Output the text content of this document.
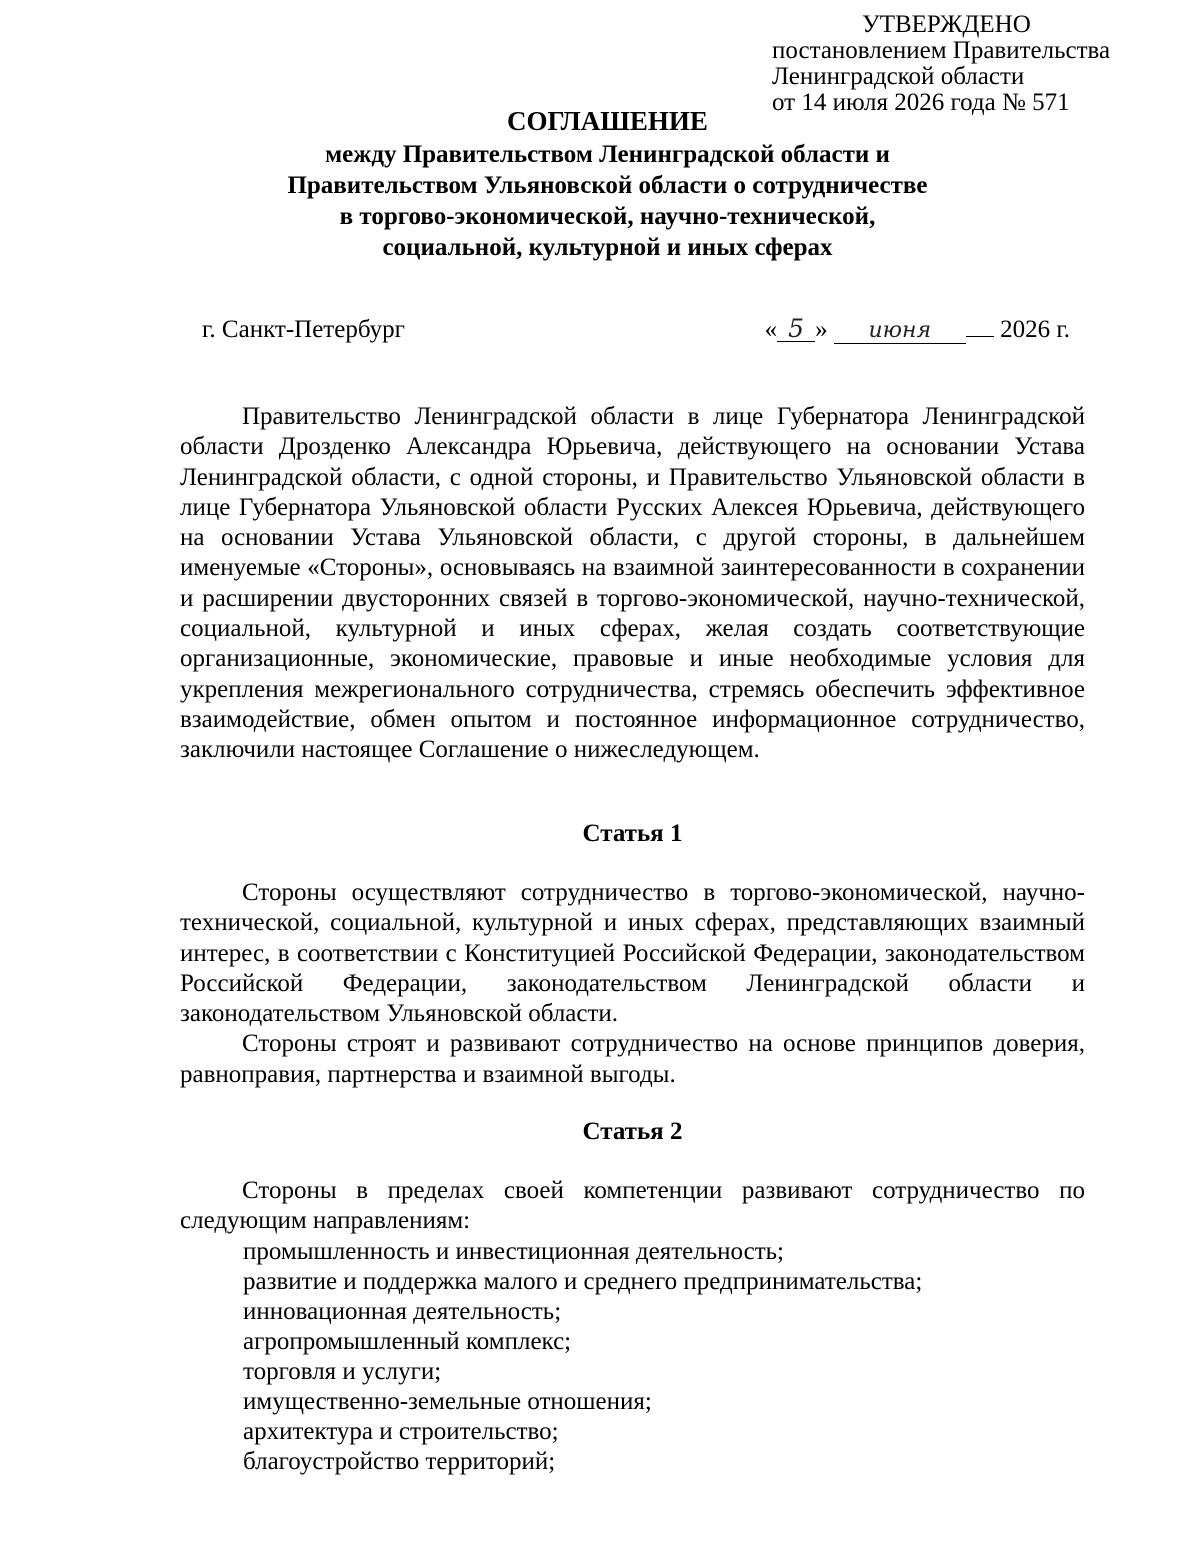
УТВЕРЖДЕНО
постановлением Правительства
Ленинградской области
от 14 июля 2026 года № 571
СОГЛАШЕНИЕ
между Правительством Ленинградской области и
Правительством Ульяновской области о сотрудничестве
в торгово-экономической, научно-технической,
социальной, культурной и иных сферах
г. Санкт-Петербург	« 5 » июня	2026 г.

Правительство Ленинградской области в лице Губернатора Ленинградской области Дрозденко Александра Юрьевича, действующего на основании Устава Ленинградской области, с одной стороны, и Правительство Ульяновской области в лице Губернатора Ульяновской области Русских Алексея Юрьевича, действующего на основании Устава Ульяновской области, с другой стороны, в дальнейшем именуемые «Стороны», основываясь на взаимной заинтересованности в сохранении и расширении двусторонних связей в торгово-экономической, научно-технической, социальной, культурной и иных сферах, желая создать соответствующие организационные, экономические, правовые и иные необходимые условия для укрепления межрегионального сотрудничества, стремясь обеспечить эффективное взаимодействие, обмен опытом и постоянное информационное сотрудничество, заключили настоящее Соглашение о нижеследующем.

Статья 1

Стороны осуществляют сотрудничество в торгово-экономической, научно-технической, социальной, культурной и иных сферах, представляющих взаимный интерес, в соответствии с Конституцией Российской Федерации, законодательством Российской Федерации, законодательством Ленинградской области и законодательством Ульяновской области.

Стороны строят и развивают сотрудничество на основе принципов доверия, равноправия, партнерства и взаимной выгоды.

Статья 2

Стороны в пределах своей компетенции развивают сотрудничество по следующим направлениям:

промышленность и инвестиционная деятельность;
развитие и поддержка малого и среднего предпринимательства;
инновационная деятельность;
агропромышленный комплекс;
торговля и услуги;
имущественно-земельные отношения;
архитектура и строительство;
благоустройство территорий;
